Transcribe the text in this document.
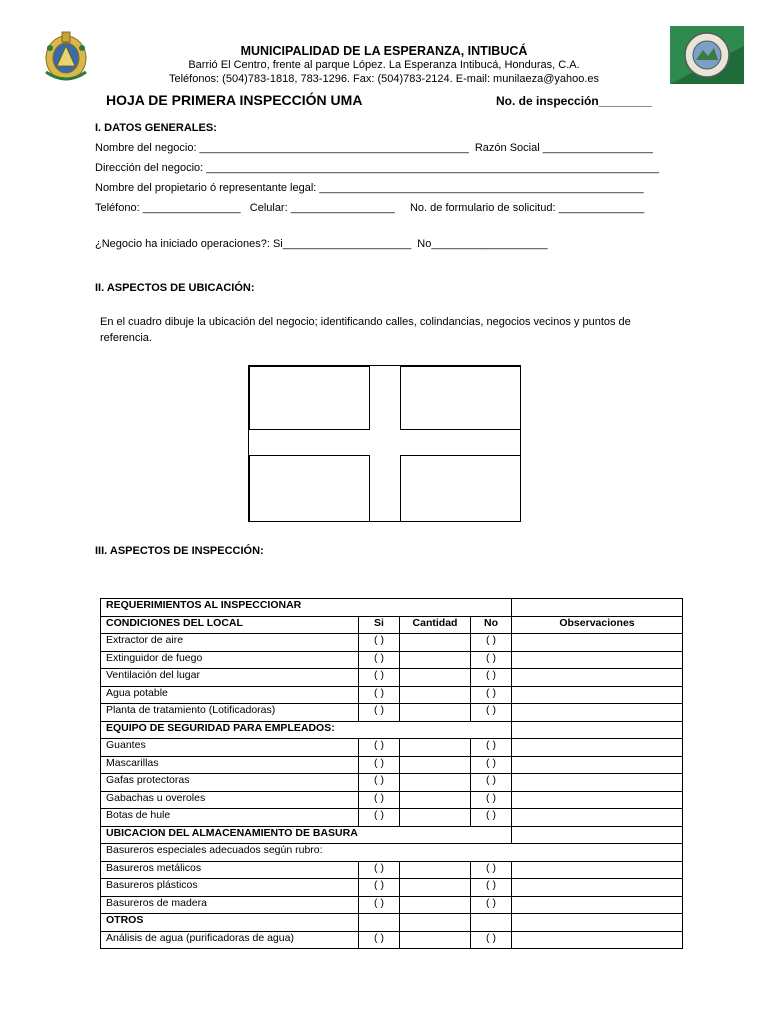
MUNICIPALIDAD DE LA ESPERANZA, INTIBUCÁ
Barrió El Centro, frente al parque López. La Esperanza Intibucá, Honduras, C.A.
Teléfonos: (504)783-1818, 783-1296. Fax: (504)783-2124. E-mail: munilaeza@yahoo.es
HOJA DE PRIMERA INSPECCIÓN UMA	No. de inspección________
I. DATOS GENERALES:
Nombre del negocio: ____________________________________________  Razón Social __________________
Dirección del negocio: __________________________________________________________________________
Nombre del propietario ó representante legal: _____________________________________________________
Teléfono: ________________   Celular: _________________     No. de formulario de solicitud: ______________
¿Negocio ha iniciado operaciones?: Si_____________________  No___________________
II. ASPECTOS DE UBICACIÓN:
En el cuadro dibuje la ubicación del negocio; identificando calles, colindancias, negocios vecinos y puntos de referencia.
III. ASPECTOS DE INSPECCIÓN:
REQUERIMIENTOS AL INSPECCIONAR				
CONDICIONES DEL LOCAL	Si	Cantidad	No	Observaciones
Extractor de aire	( )		( )	
Extinguidor de fuego	( )		( )	
Ventilación del lugar	( )		( )	
Agua potable	( )		( )	
Planta de tratamiento (Lotificadoras)	( )		( )	
EQUIPO DE SEGURIDAD PARA EMPLEADOS:				
Guantes	( )		( )	
Mascarillas	( )		( )	
Gafas protectoras	( )		( )	
Gabachas u overoles	( )		( )	
Botas de hule	( )		( )	
UBICACION DEL ALMACENAMIENTO DE BASURA				
Basureros especiales adecuados según rubro:				
Basureros metálicos	( )		( )	
Basureros plásticos	( )		( )	
Basureros de madera	( )		( )	
OTROS				
Análisis de agua (purificadoras de agua)	( )		( )	
